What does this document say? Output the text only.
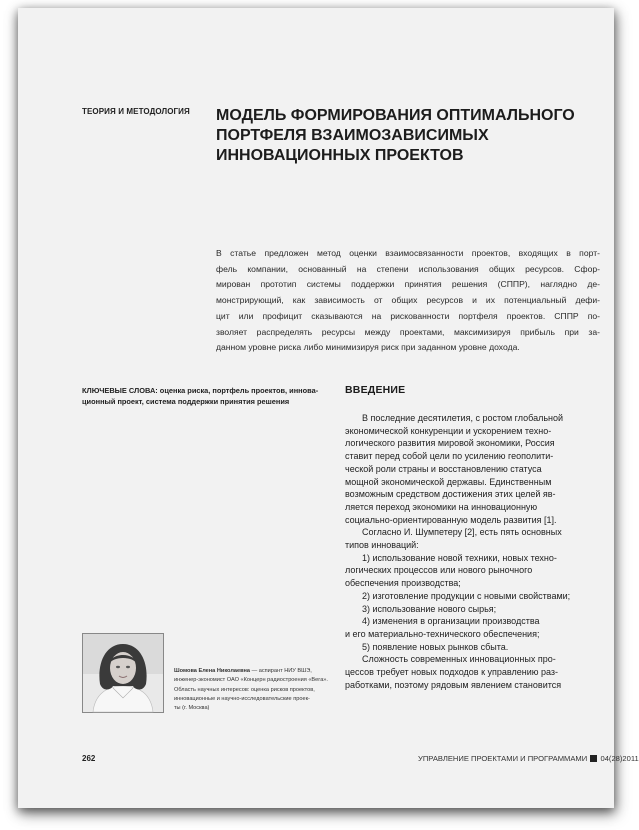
ТЕОРИЯ И МЕТОДОЛОГИЯ МОДЕЛЬ ФОРМИРОВАНИЯ ОПТИМАЛЬНОГО
ПОРТФЕЛЯ ВЗАИМОЗАВИСИМЫХ
ИННОВАЦИОННЫХ ПРОЕКТОВ
В статье предложен метод оценки взаимосвязанности проектов, входящих в порт-
фель компании, основанный на степени использования общих ресурсов. Сфор-
мирован прототип системы поддержки принятия решения (СППР), наглядно де-
монстрирующий, как зависимость от общих ресурсов и их потенциальный дефи-
цит или профицит сказываются на рискованности портфеля проектов. СППР по-
зволяет распределять ресурсы между проектами, максимизируя прибыль при за-
данном уровне риска либо минимизируя риск при заданном уровне дохода.
КЛЮЧЕВЫЕ СЛОВА: оценка риска, портфель проектов, иннова-
ционный проект, система поддержки принятия решения
ВВЕДЕНИЕ
В последние десятилетия, с ростом глобальной
экономической конкуренции и ускорением техно-
логического развития мировой экономики, Россия
ставит перед собой цели по усилению геополити-
ческой роли страны и восстановлению статуса
мощной экономической державы. Единственным
возможным средством достижения этих целей яв-
ляется переход экономики на инновационную
социально-ориентированную модель развития [1].
Согласно И. Шумпетеру [2], есть пять основных
типов инноваций:
1) использование новой техники, новых техно-
логических процессов или нового рыночного
обеспечения производства;
2) изготовление продукции с новыми свойствами;
3) использование нового сырья;
4) изменения в организации производства
и его материально-технического обеспечения;
5) появление новых рынков сбыта.
Сложность современных инновационных про-
цессов требует новых подходов к управлению раз-
работками, поэтому рядовым явлением становится
Шомова Елена Николаевна — аспирант НИУ ВШЭ,
инженер-экономист ОАО «Концерн радиостроения «Вега».
Область научных интересов: оценка рисков проектов,
инновационные и научно-исследовательские проек-
ты (г. Москва)

262	УПРАВЛЕНИЕ ПРОЕКТАМИ И ПРОГРАММАМИ 04(28)2011
